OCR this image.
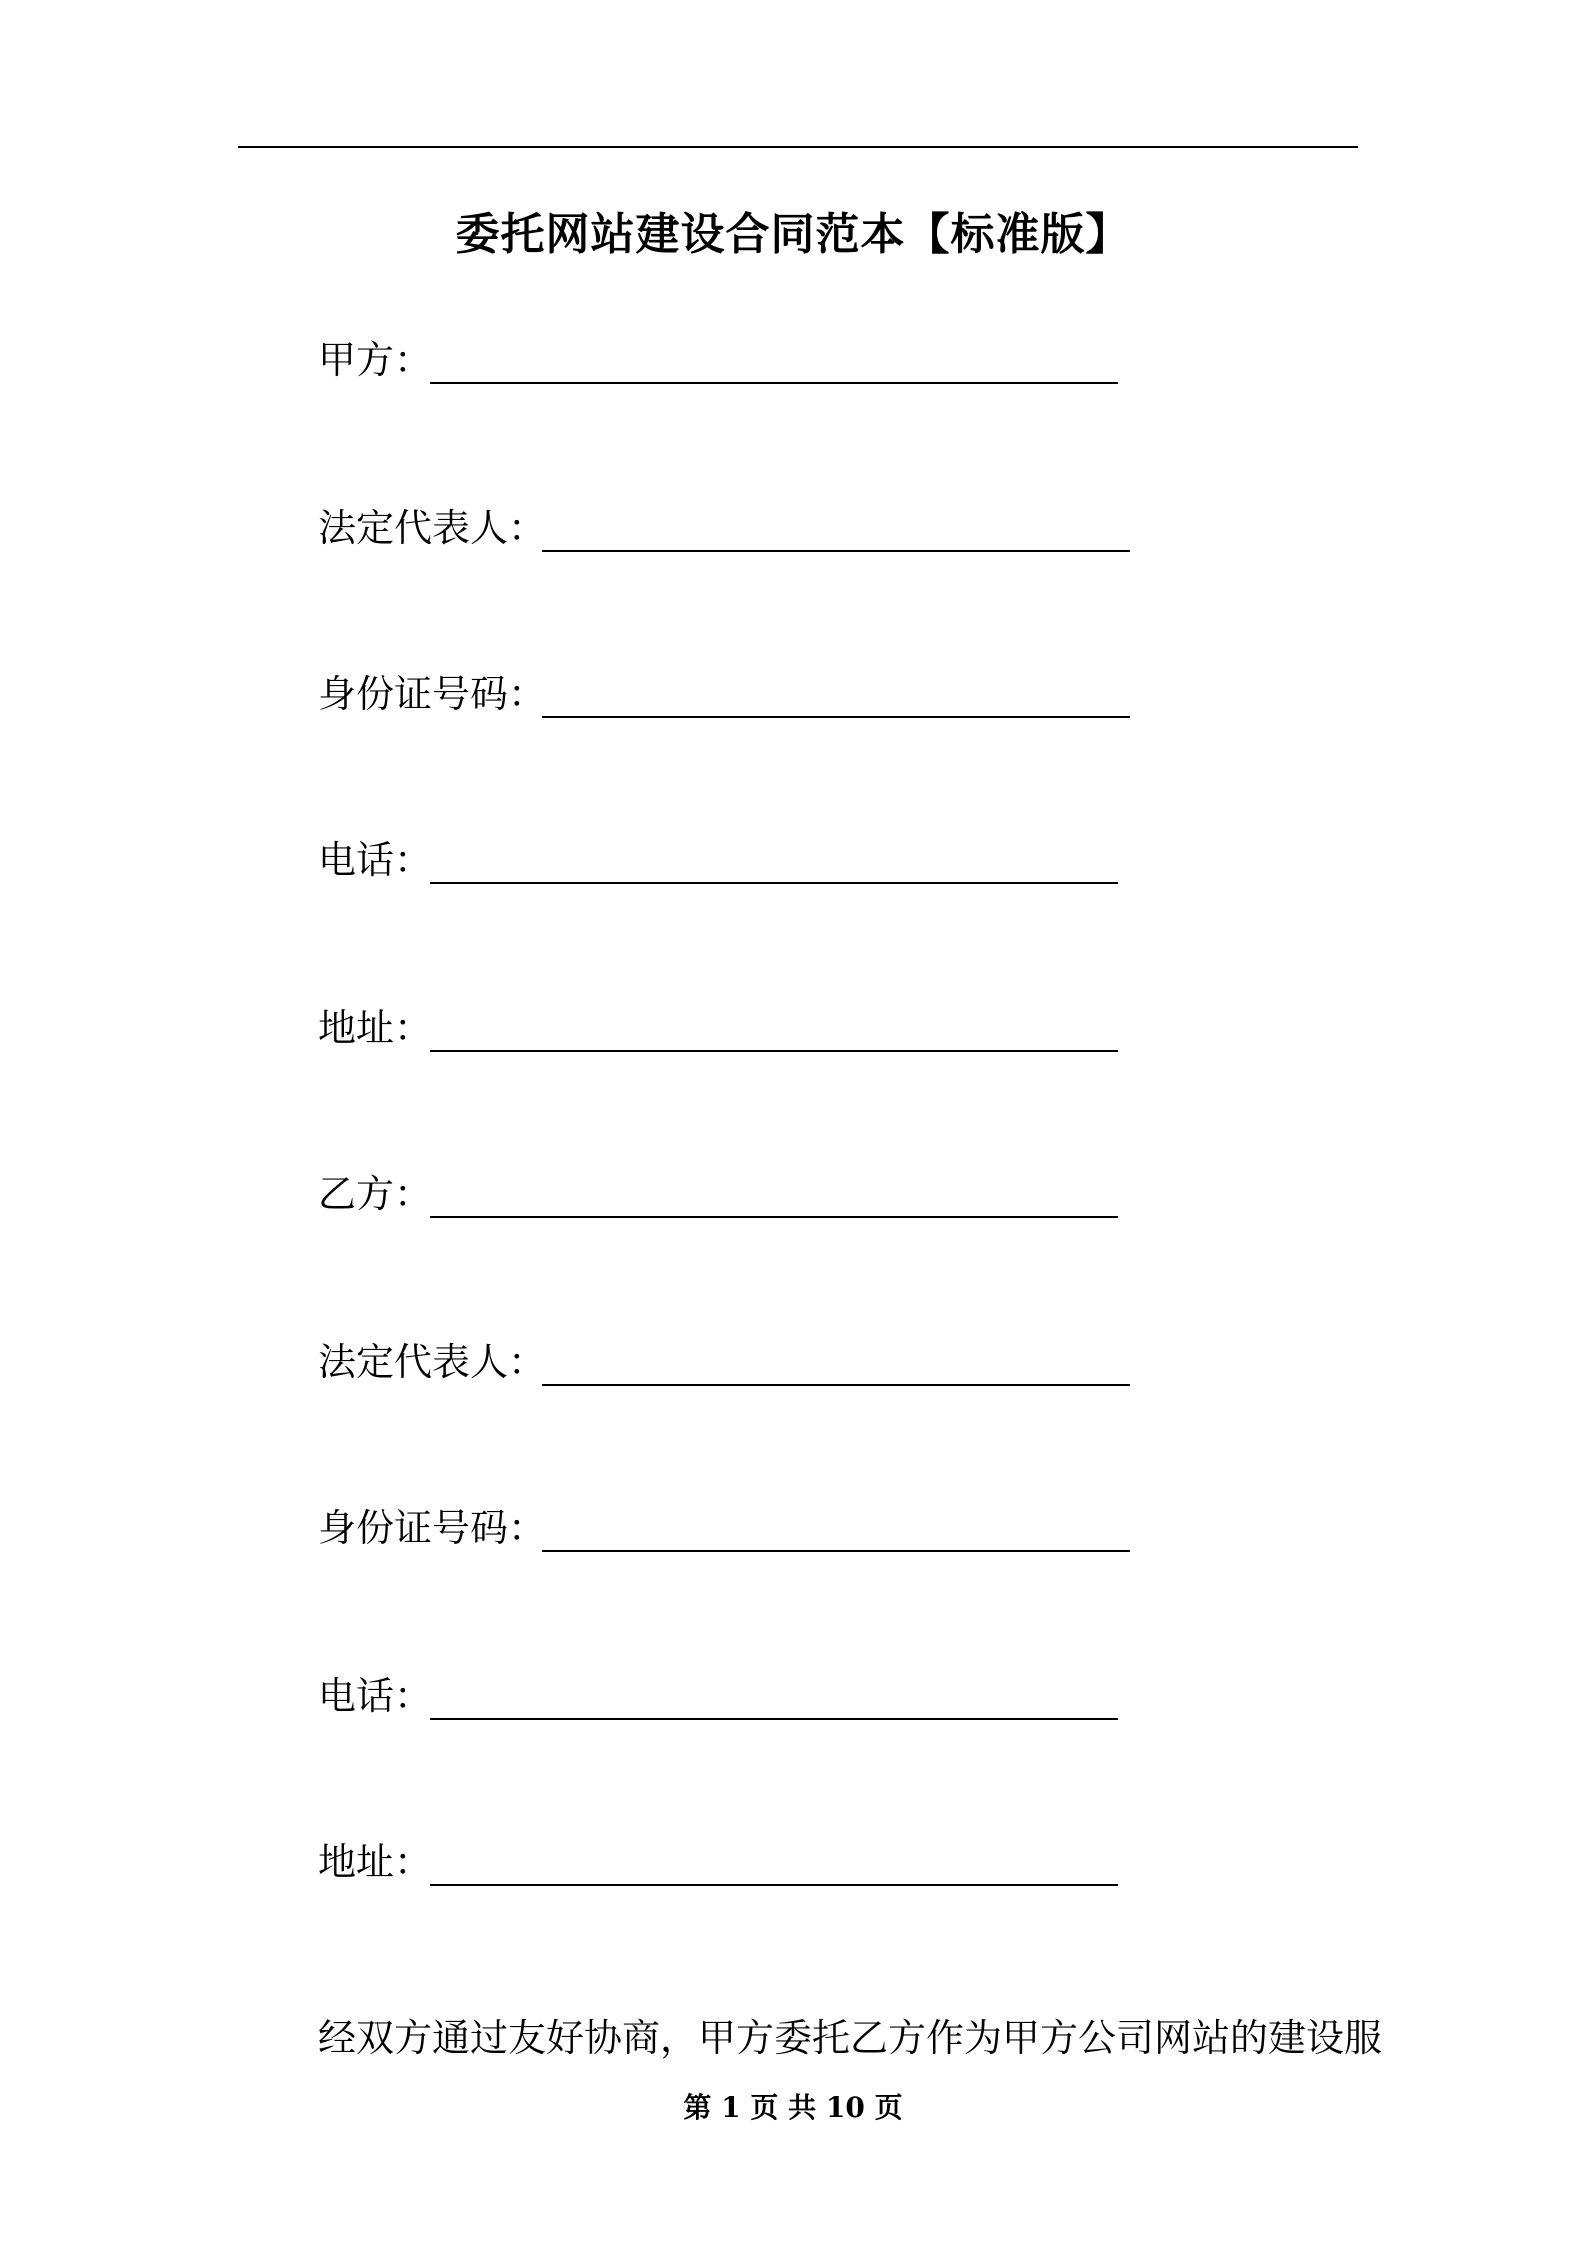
委托网站建设合同范本【标准版】
甲方：
法定代表人：
身份证号码：
电话：
地址：
乙方：
法定代表人：
身份证号码：
电话：
地址：
经双方通过友好协商，甲方委托乙方作为甲方公司网站的建设服
第 1 页 共 10 页
